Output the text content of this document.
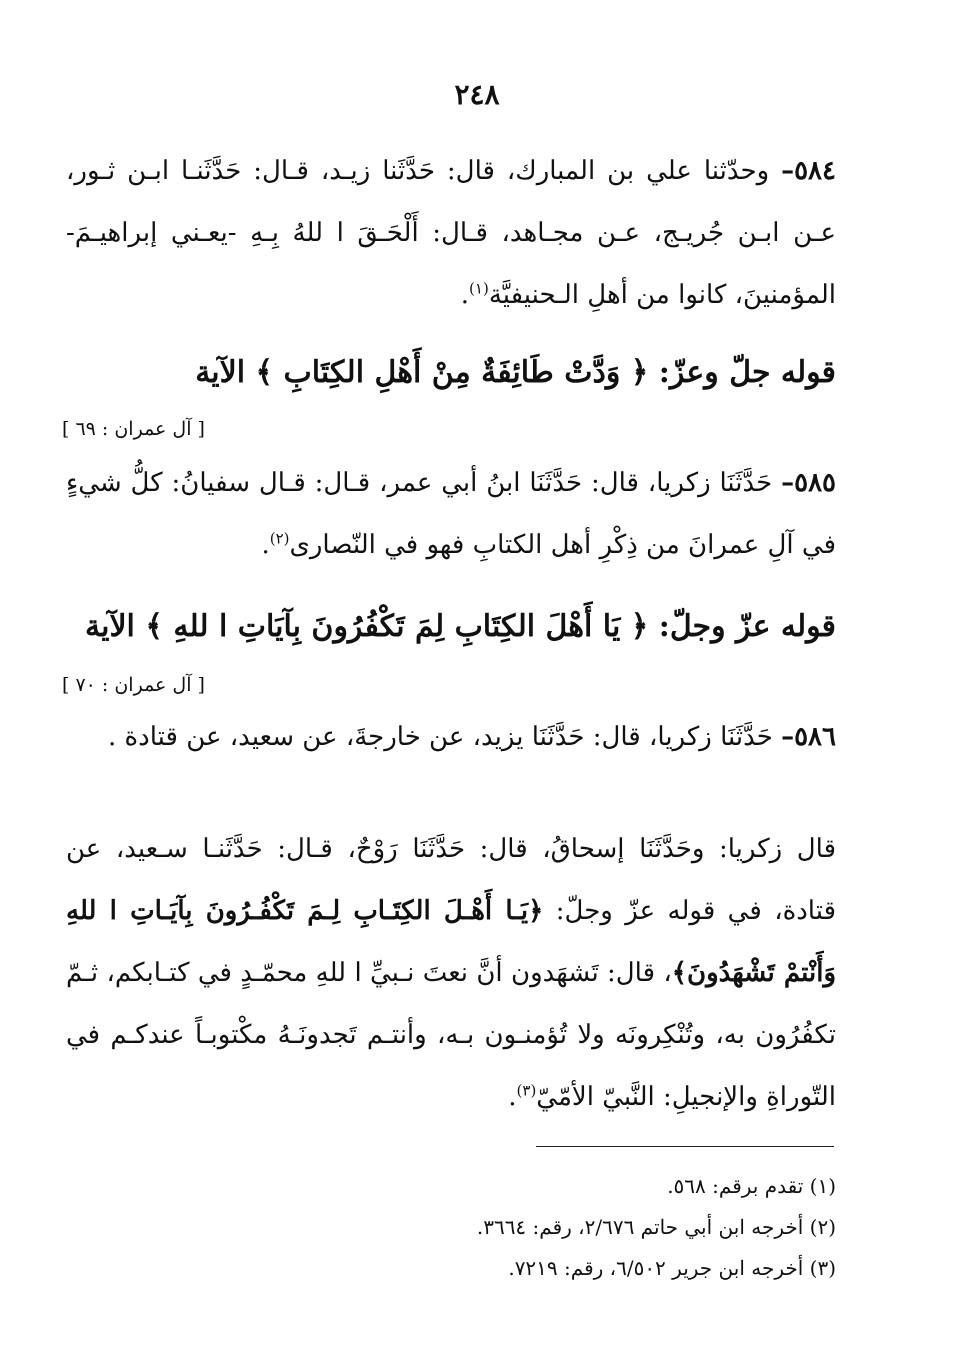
٢٤٨
٥٨٤– وحدّثنا علي بن المبارك، قال: حَدَّثَنا زيـد، قـال: حَدَّثَنـا ابـن ثـور، عـن ابـن جُريـج، عـن مجـاهد، قـال: أَلْحَـقَ ا للهُ بِـهِ -يعـني إبراهيـمَ- المؤمنينَ، كانوا من أهلِ الـحنيفيَّة$^{(١)}$.
قوله جلّ وعزّ: ﴿ وَدَّتْ طَائِفَةٌ مِنْ أَهْلِ الكِتَابِ ﴾ الآية
[ آل عمران : ٦٩ ]
٥٨٥– حَدَّثَنَا زكريا، قال: حَدَّثَنَا ابنُ أبي عمر، قـال: قـال سفيانُ: كلُّ شيءٍ في آلِ عمرانَ من ذِكْرِ أهل الكتابِ فهو في النّصارى$^{(٢)}$.
قوله عزّ وجلّ: ﴿ يَا أَهْلَ الكِتَابِ لِمَ تَكْفُرُونَ بِآيَاتِ ا للهِ ﴾ الآية
[ آل عمران : ٧٠ ]
٥٨٦– حَدَّثَنَا زكريا، قال: حَدَّثَنَا يزيد، عن خارجةَ، عن سعيد، عن قتادة .
قال زكريا: وحَدَّثَنَا إسحاقُ، قال: حَدَّثَنَا رَوْحٌ، قـال: حَدَّثَنـا سـعيد، عن قتادة، في قوله عزّ وجلّ: ﴿يَـا أَهْـلَ الكِتَـابِ لِـمَ تَكْفُـرُونَ بِآيَـاتِ ا للهِ وَأَنْتمْ تَشْهَدُونَ﴾، قال: تَشهَدون أنَّ نعتَ نـبيِّ ا للهِ محمّـدٍ في كتـابكم، ثـمّ تكفُرُون به، وتُنْكِرونَه ولا تُؤمنـون بـه، وأنتـم تَجدونَـهُ مكْتوبـاً عندكـم في التّوراةِ والإنجيلِ: النَّبيّ الأمّيّ$^{(٣)}$.
(١) تقدم برقم: ٥٦٨.
(٢) أخرجه ابن أبي حاتم ٢/٦٧٦، رقم: ٣٦٦٤.
(٣) أخرجه ابن جرير ٦/٥٠٢، رقم: ٧٢١٩.
